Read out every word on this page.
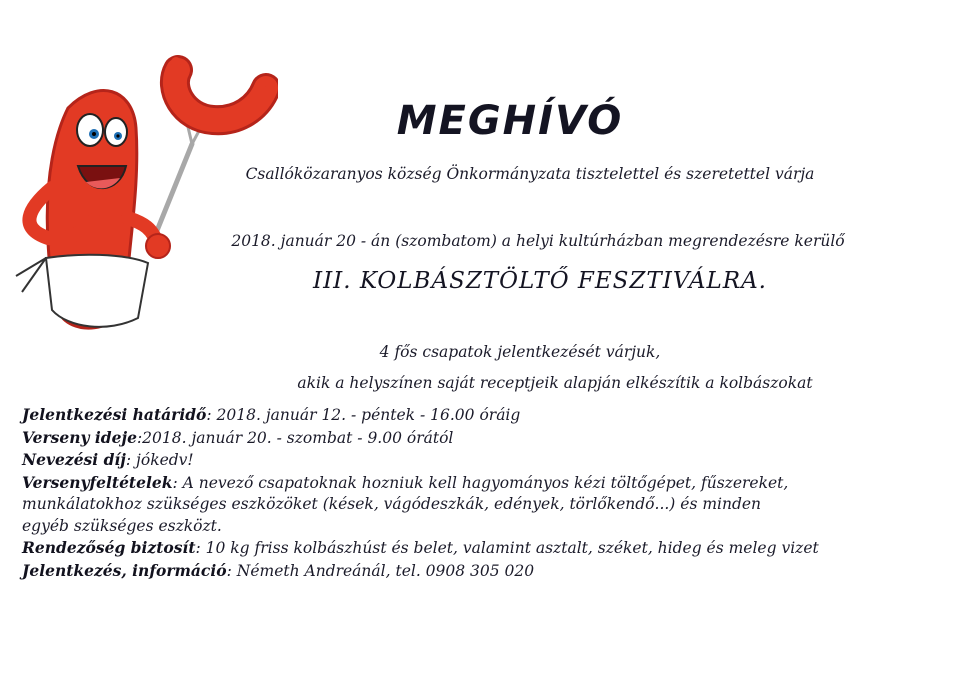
MEGHÍVÓ
Csallóközaranyos község Önkormányzata tisztelettel és szeretettel várja
2018. január 20 - án (szombatom) a helyi kultúrházban megrendezésre kerülő
III. KOLBÁSZTÖLTŐ FESZTIVÁLRA.
4 fős csapatok jelentkezését várjuk,
akik a helyszínen saját receptjeik alapján elkészítik a kolbászokat
Jelentkezési határidő: 2018. január 12. - péntek - 16.00 óráig
Verseny ideje:2018. január 20. - szombat - 9.00 órától
Nevezési díj: jókedv!
Versenyfeltételek: A nevező csapatoknak hozniuk kell hagyományos kézi töltőgépet, fűszereket,
munkálatokhoz szükséges eszközöket (kések, vágódeszkák, edények, törlőkendő...) és minden
egyéb szükséges eszközt.
Rendezőség biztosít: 10 kg friss kolbászhúst és belet, valamint asztalt, széket, hideg és meleg vizet
Jelentkezés, információ: Németh Andreánál, tel. 0908 305 020
